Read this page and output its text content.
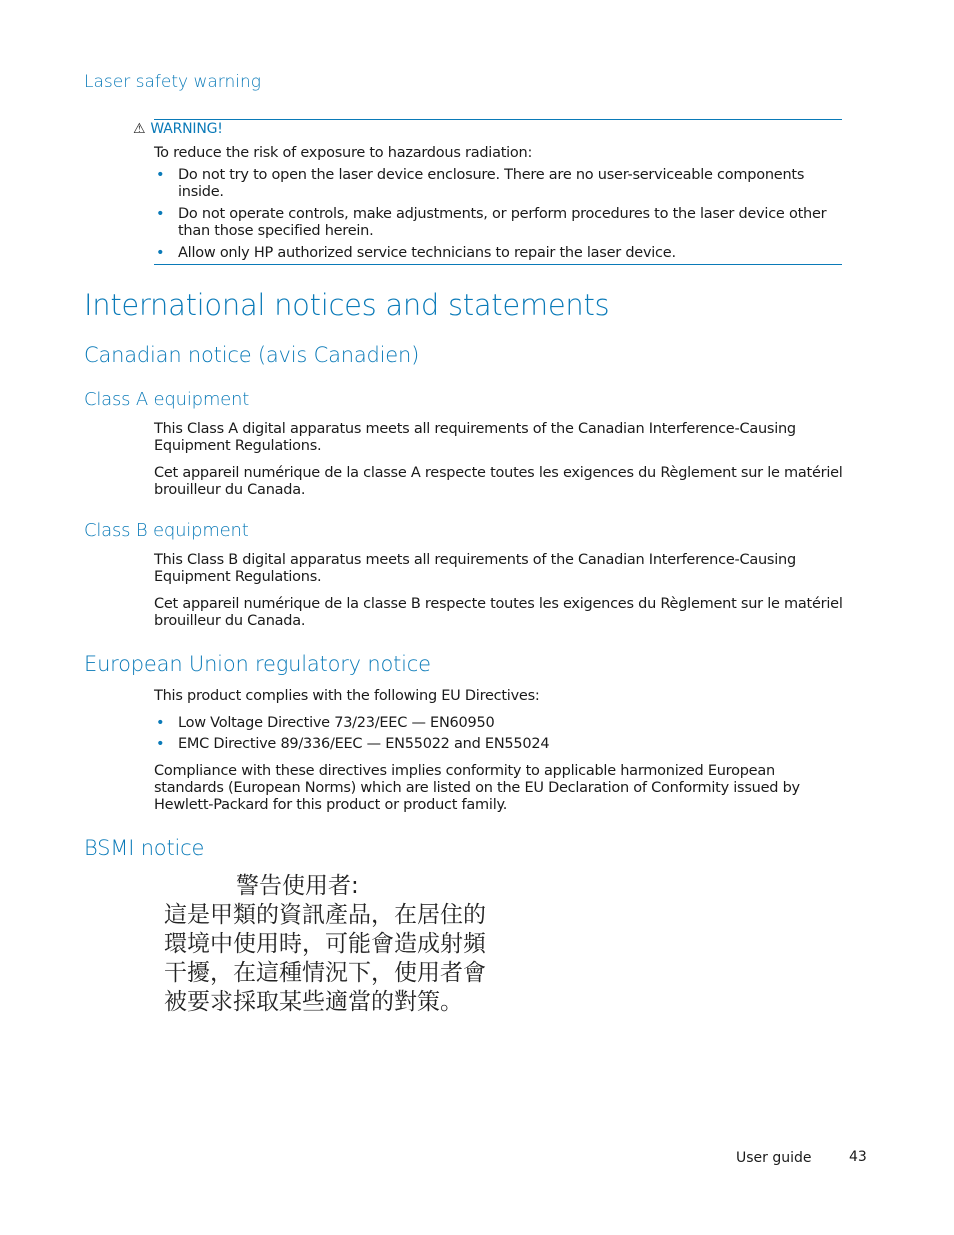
Laser safety warning
⚠ WARNING!

To reduce the risk of exposure to hazardous radiation:

• Do not try to open the laser device enclosure. There are no user-serviceable components inside.
• Do not operate controls, make adjustments, or perform procedures to the laser device other than those specified herein.
• Allow only HP authorized service technicians to repair the laser device.
International notices and statements
Canadian notice (avis Canadien)
Class A equipment

This Class A digital apparatus meets all requirements of the Canadian Interference-Causing Equipment Regulations.

Cet appareil numérique de la classe A respecte toutes les exigences du Règlement sur le matériel brouilleur du Canada.

Class B equipment

This Class B digital apparatus meets all requirements of the Canadian Interference-Causing Equipment Regulations.

Cet appareil numérique de la classe B respecte toutes les exigences du Règlement sur le matériel brouilleur du Canada.

European Union regulatory notice

This product complies with the following EU Directives:

• Low Voltage Directive 73/23/EEC — EN60950
• EMC Directive 89/336/EEC — EN55022 and EN55024

Compliance with these directives implies conformity to applicable harmonized European standards (European Norms) which are listed on the EU Declaration of Conformity issued by Hewlett-Packard for this product or product family.

BSMI notice
警告使用者:
這是甲類的資訊產品，在居住的
環境中使用時，可能會造成射頻
干擾，在這種情況下，使用者會
被要求採取某些適當的對策。
User guide	43
